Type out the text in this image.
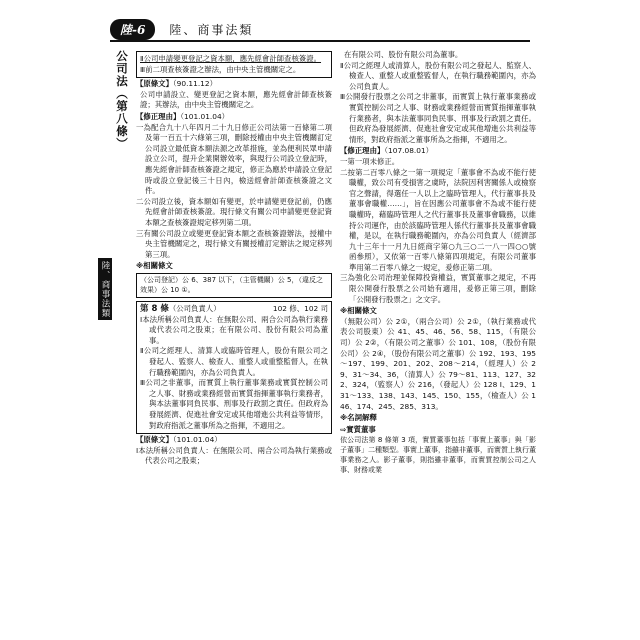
陸-6	陸、商事法類
公司法（第八條）
陸、商事法類

Ⅱ公司申請變更登記之資本額，應先經會計師查核簽證。

Ⅲ前二項查核簽證之辦法，由中央主管機關定之。

【原條文】（90.11.12）

公司申請設立、變更登記之資本額，應先經會計師查核簽證；其辦法，由中央主管機關定之。

【修正理由】（101.01.04）

一為配合九十八年四月二十九日修正公司法第一百條第二項及第一百五十六條第三項，刪除授權由中央主管機關訂定公司設立最低資本額法源之改革措施，並為便利民眾申請設立公司，提升企業開辦效率，與現行公司設立登記時，應先經會計師查核簽證之規定，修正為應於申請設立登記時或設立登記後三十日內，檢送經會計師查核簽證之文件。

二公司設立後，資本額如有變更，於申請變更登記前，仍應先經會計師查核簽證。現行條文有關公司申請變更登記資本額之查核簽證規定移列第二項。

三有關公司設立或變更登記資本額之查核簽證辦法，授權中央主管機關定之，現行條文有關授權訂定辦法之規定移列第三項。

※相關條文
（公司登記）公 6、387 以下，（主管機關）公 5，（違反之效果）公 10 ①。
第 8 條（公司負責人）	102 修、102 司

Ⅰ本法所稱公司負責人：在無限公司、兩合公司為執行業務或代表公司之股東；在有限公司、股份有限公司為董事。

Ⅱ公司之經理人、清算人或臨時管理人，股份有限公司之發起人、監察人、檢查人、重整人或重整監督人，在執行職務範圍內，亦為公司負責人。

Ⅲ公司之非董事，而實質上執行董事業務或實質控制公司之人事、財務或業務經營而實質指揮董事執行業務者，與本法董事同負民事、刑事及行政罰之責任。但政府為發展經濟、促進社會安定或其他增進公共利益等情形，對政府指派之董事所為之指揮，不適用之。

【原條文】（101.01.04）

Ⅰ本法所稱公司負責人：在無限公司、兩合公司為執行業務或代表公司之股東；

在有限公司、股份有限公司為董事。

Ⅱ公司之經理人或清算人，股份有限公司之發起人、監察人、檢查人、重整人或重整監督人，在執行職務範圍內，亦為公司負責人。

Ⅲ公開發行股票之公司之非董事，而實質上執行董事業務或實質控制公司之人事、財務或業務經營而實質指揮董事執行業務者，與本法董事同負民事、刑事及行政罰之責任。但政府為發展經濟、促進社會安定或其他增進公共利益等情形，對政府指派之董事所為之指揮，不適用之。

【修正理由】（107.08.01）

一第一項未修正。

二按第二百零八條之一第一項規定「董事會不為或不能行使職權，致公司有受損害之虞時，法院因利害關係人或檢察官之聲請，得選任一人以上之臨時管理人，代行董事長及董事會職權……」，旨在因應公司董事會不為或不能行使職權時，藉臨時管理人之代行董事長及董事會職務，以維持公司運作，由於該臨時管理人係代行董事長及董事會職權，是以，在執行職務範圍內，亦為公司負責人（經濟部九十三年十一月九日經商字第○九三○二一八一四○○號函參照），又依第一百零八條第四項規定，有限公司董事準用第二百零八條之一規定，爰修正第二項。

三為強化公司治理並保障投資權益，實質董事之規定，不再限公開發行股票之公司始有適用，爰修正第三項，刪除「公開發行股票之」之文字。

※相關條文

（無限公司）公 2①，（兩合公司）公 2①，（執行業務或代表公司股東）公 41、45、46、56、58、115，（有限公司）公 2②，（有限公司之董事）公 101、108，（股份有限公司）公 2④，（股份有限公司之董事）公 192、193、195～197、199、201、202、208～214，（經理人）公 29、31～34、36，（清算人）公 79～81、113、127、322、324，（監察人）公 216，（發起人）公 128 I、129、131～133、138、143、145、150、155，（檢查人）公 146、174、245、285、313。

※名詞解釋
⇨實質董事

依公司法第 8 條第 3 項，實質董事包括「事實上董事」與「影子董事」二種類型。事實上董事，指雖非董事，而實質上執行董事業務之人。影子董事，則指雖非董事，而實質控制公司之人事、財務或業
